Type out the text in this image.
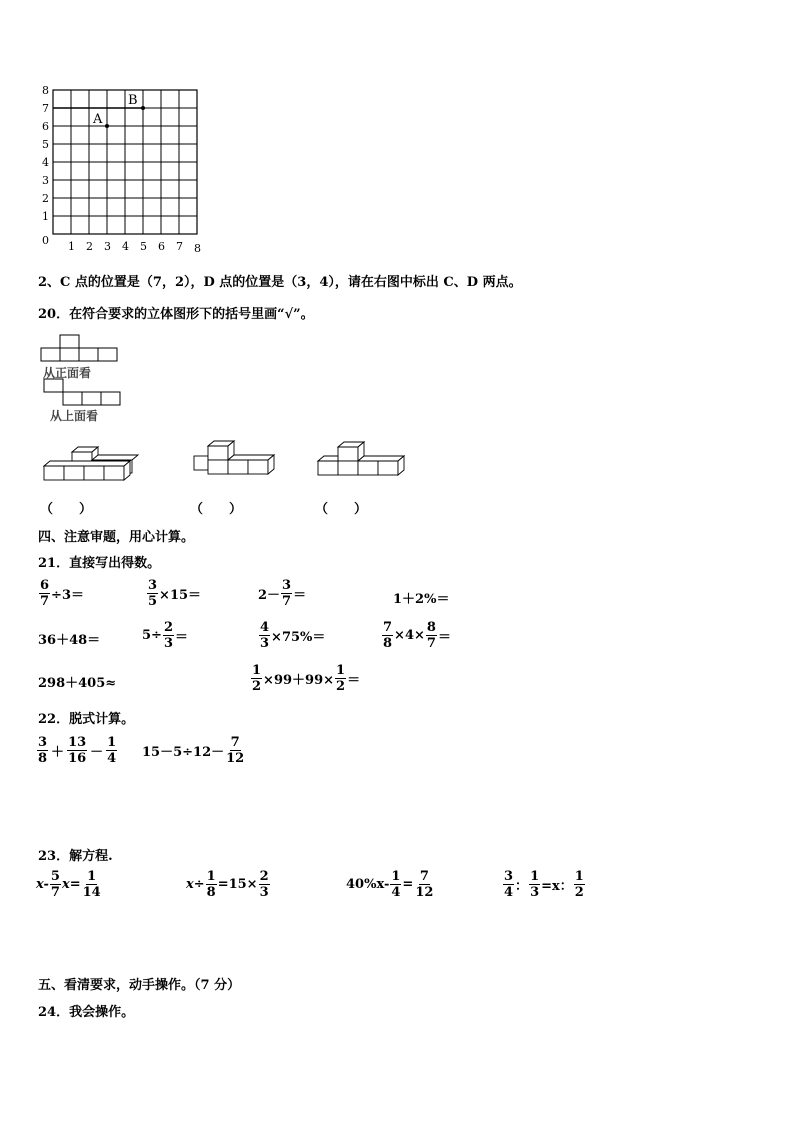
0
1
2
3
4
5
6
7
8
1 2 3 4 5 6 7 8
A
B
2、C 点的位置是（7，2），D 点的位置是（3，4），请在右图中标出 C、D 两点。
20．在符合要求的立体图形下的括号里画“√”。
从正面看
从上面看
（　　）	（　　）	（　　）
四、注意审题，用心计算。
21．直接写出得数。
$\frac{6}{7} \div 3=$	$\frac{3}{5} \times 15=$	$2- \frac{3}{7}$ ＝	1＋2%＝
36＋48＝	$5\div \frac{2}{3}$ ＝	$\frac{4}{3} \times 75\%=$	$\frac{7}{8} \times 4\times \frac{8}{7}$ ＝
298＋405≈	$\frac{1}{2} \times 99+99\times \frac{1}{2}$ ＝
22．脱式计算。
$\frac{3}{8} + \frac{13}{16} - \frac{1}{4} 15-5\div 12- \frac{7}{12}$
23．解方程.
$x- \frac{5}{7} x= \frac{1}{14}$	$x\div \frac{1}{8} =15\times \frac{2}{3}$	$40\%x- \frac{1}{4} = \frac{7}{12}$	$\frac{3}{4}$ ： $\frac{1}{3} =x$： $\frac{1}{2}$
五、看清要求，动手操作。（7 分）
24．我会操作。
